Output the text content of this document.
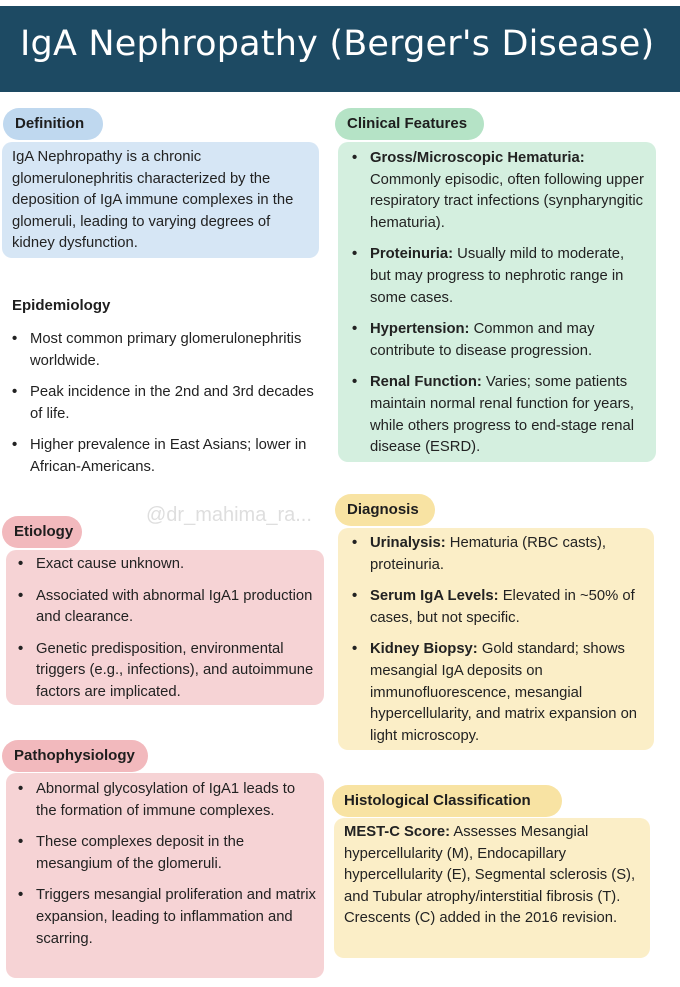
IgA Nephropathy (Berger's Disease)
Definition

IgA Nephropathy is a chronic glomerulonephritis characterized by the deposition of IgA immune complexes in the glomeruli, leading to varying degrees of kidney dysfunction.

Epidemiology
• Most common primary glomerulonephritis worldwide.
• Peak incidence in the 2nd and 3rd decades of life.
• Higher prevalence in East Asians; lower in African-Americans.
Etiology
• Exact cause unknown.
• Associated with abnormal IgA1 production and clearance.
• Genetic predisposition, environmental triggers (e.g., infections), and autoimmune factors are implicated.
Pathophysiology
• Abnormal glycosylation of IgA1 leads to the formation of immune complexes.
• These complexes deposit in the mesangium of the glomeruli.
• Triggers mesangial proliferation and matrix expansion, leading to inflammation and scarring.
Clinical Features
• Gross/Microscopic Hematuria: Commonly episodic, often following upper respiratory tract infections (synpharyngitic hematuria).
• Proteinuria: Usually mild to moderate, but may progress to nephrotic range in some cases.
• Hypertension: Common and may contribute to disease progression.
• Renal Function: Varies; some patients maintain normal renal function for years, while others progress to end-stage renal disease (ESRD).
Diagnosis
• Urinalysis: Hematuria (RBC casts), proteinuria.
• Serum IgA Levels: Elevated in ~50% of cases, but not specific.
• Kidney Biopsy: Gold standard; shows mesangial IgA deposits on immunofluorescence, mesangial hypercellularity, and matrix expansion on light microscopy.
Histological Classification

MEST-C Score: Assesses Mesangial hypercellularity (M), Endocapillary hypercellularity (E), Segmental sclerosis (S), and Tubular atrophy/interstitial fibrosis (T). Crescents (C) added in the 2016 revision.

@dr_mahima_ra...
